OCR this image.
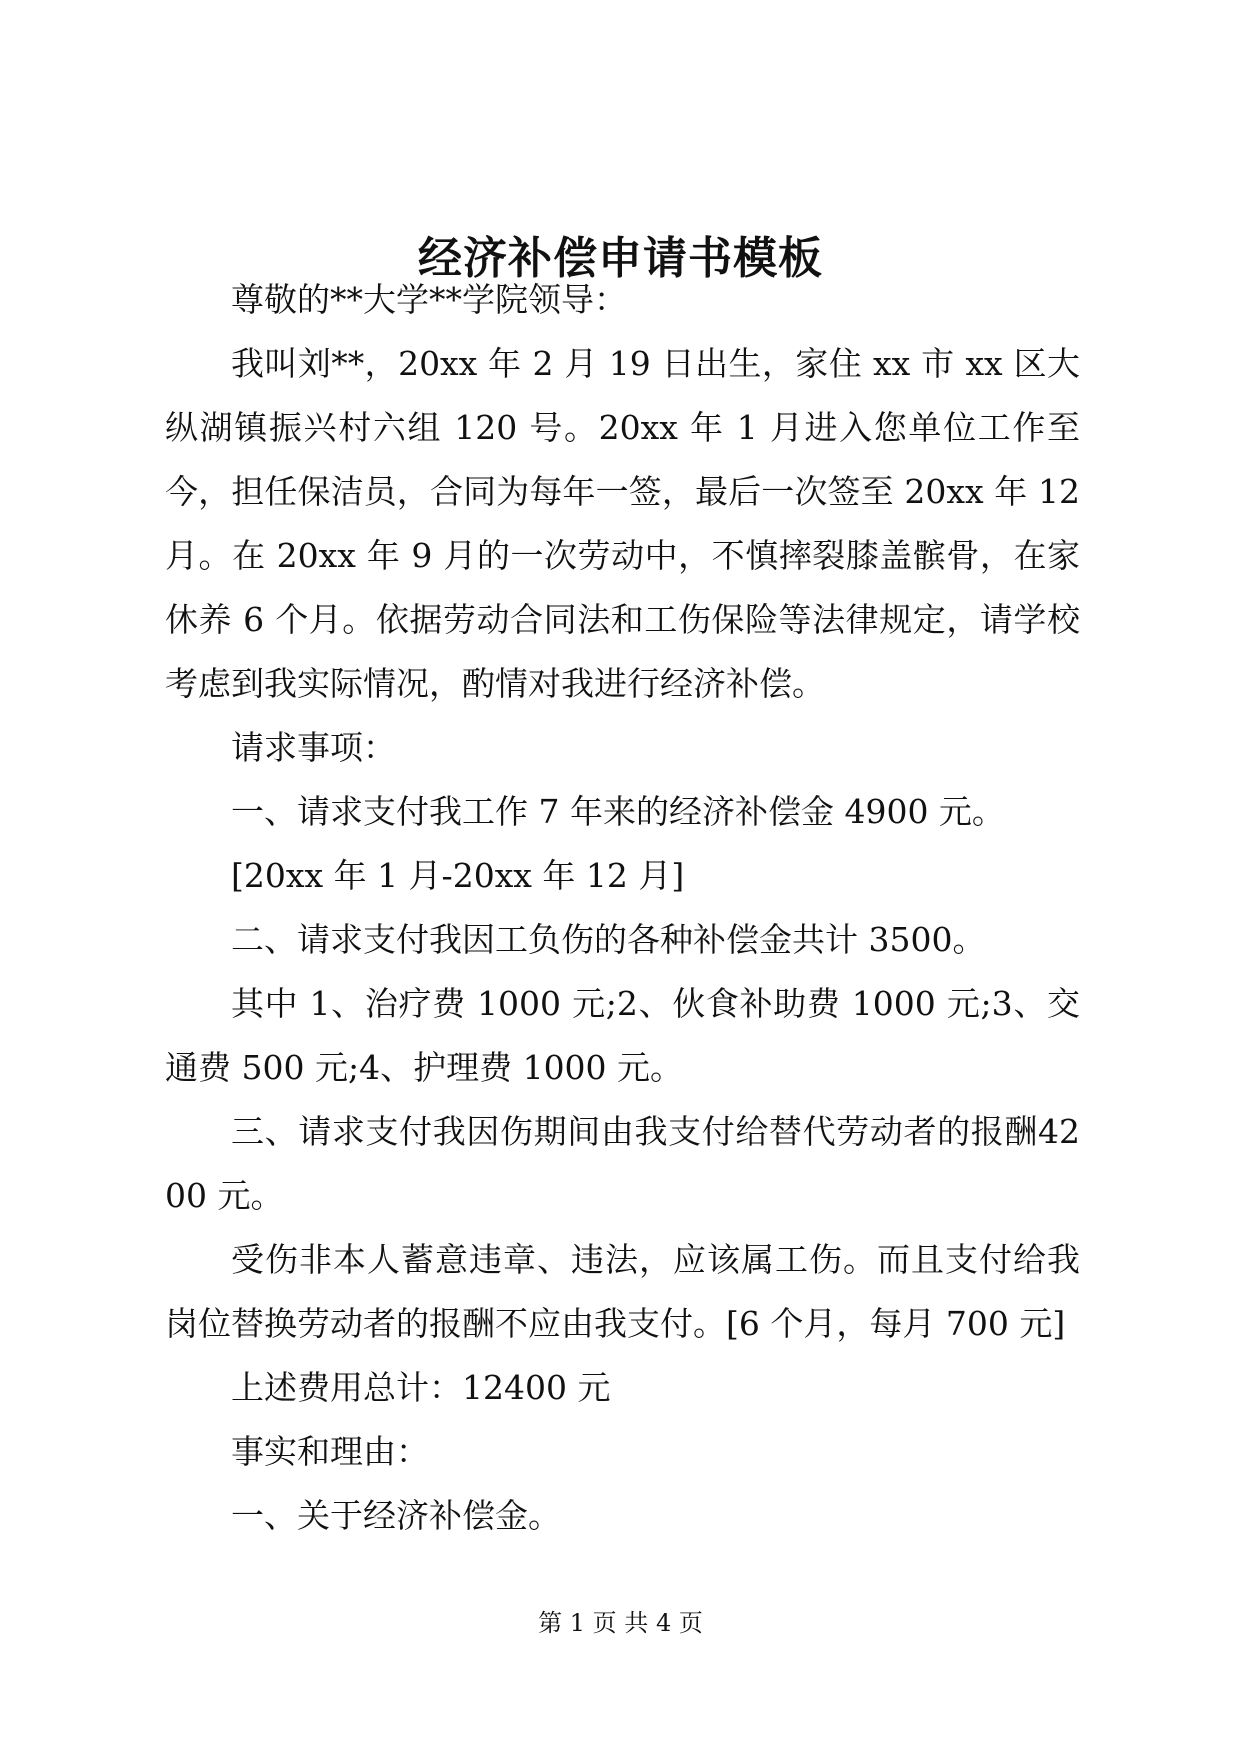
经济补偿申请书模板

尊敬的**大学**学院领导：

我叫刘**，20xx 年 2 月 19 日出生，家住 xx 市 xx 区大纵湖镇振兴村六组 120 号。20xx 年 1 月进入您单位工作至今，担任保洁员，合同为每年一签，最后一次签至 20xx 年 12 月。在 20xx 年 9 月的一次劳动中，不慎摔裂膝盖髌骨，在家休养 6 个月。依据劳动合同法和工伤保险等法律规定，请学校考虑到我实际情况，酌情对我进行经济补偿。

请求事项：

一、请求支付我工作 7 年来的经济补偿金 4900 元。

[20xx 年 1 月-20xx 年 12 月]

二、请求支付我因工负伤的各种补偿金共计 3500。

其中 1、治疗费 1000 元;2、伙食补助费 1000 元;3、交通费 500 元;4、护理费 1000 元。

三、请求支付我因伤期间由我支付给替代劳动者的报酬4200 元。

受伤非本人蓄意违章、违法，应该属工伤。而且支付给我岗位替换劳动者的报酬不应由我支付。[6 个月，每月 700 元]

上述费用总计：12400 元

事实和理由：

一、关于经济补偿金。

第 1 页 共 4 页
